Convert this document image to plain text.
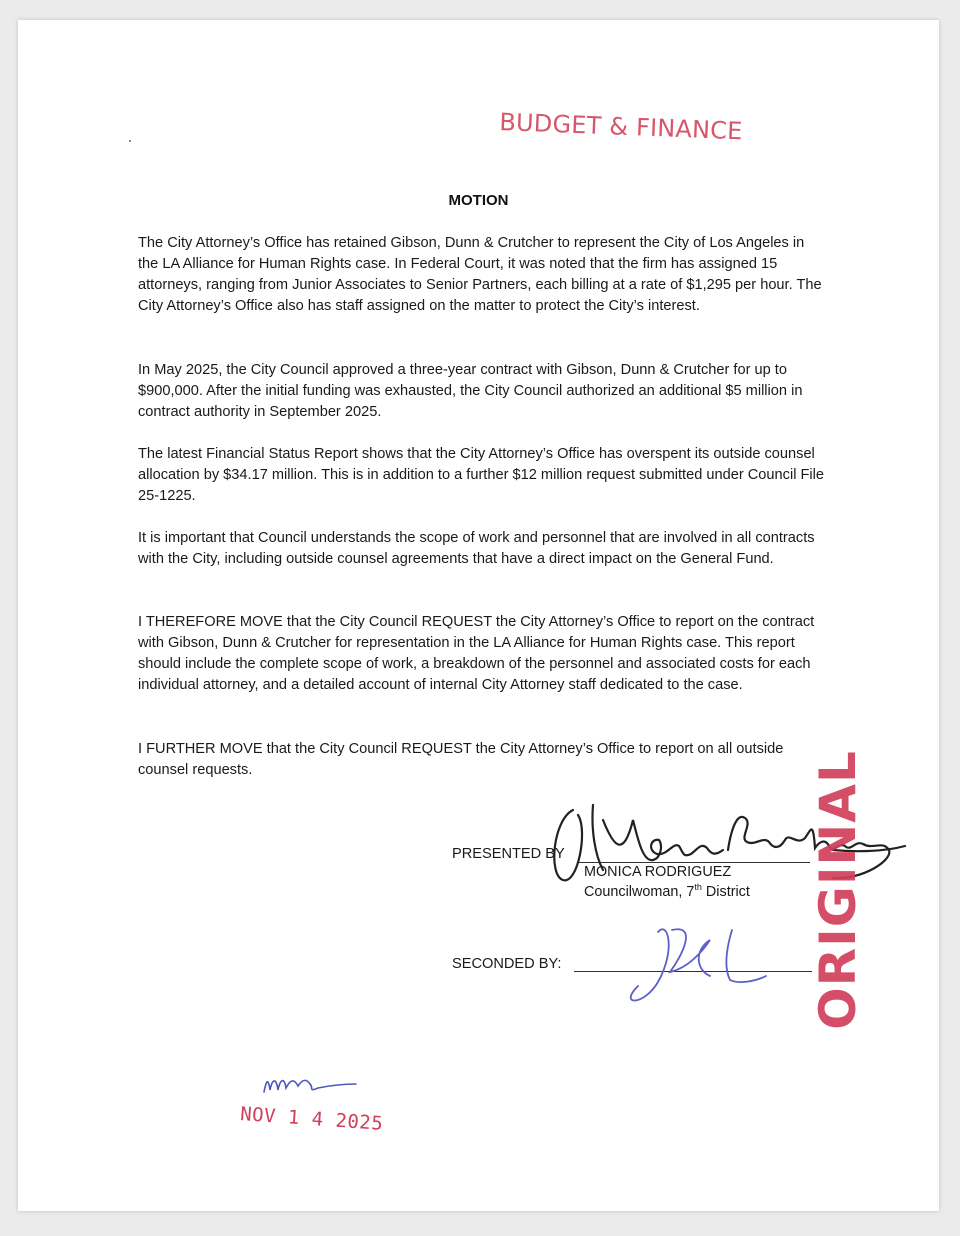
BUDGET & FINANCE
MOTION

The City Attorney’s Office has retained Gibson, Dunn & Crutcher to represent the City of Los Angeles in the LA Alliance for Human Rights case. In Federal Court, it was noted that the firm has assigned 15 attorneys, ranging from Junior Associates to Senior Partners, each billing at a rate of $1,295 per hour. The City Attorney’s Office also has staff assigned on the matter to protect the City’s interest.

In May 2025, the City Council approved a three-year contract with Gibson, Dunn & Crutcher for up to $900,000. After the initial funding was exhausted, the City Council authorized an additional $5 million in contract authority in September 2025.

The latest Financial Status Report shows that the City Attorney’s Office has overspent its outside counsel allocation by $34.17 million. This is in addition to a further $12 million request submitted under Council File 25-1225.

It is important that Council understands the scope of work and personnel that are involved in all contracts with the City, including outside counsel agreements that have a direct impact on the General Fund.

I THEREFORE MOVE that the City Council REQUEST the City Attorney’s Office to report on the contract with Gibson, Dunn & Crutcher for representation in the LA Alliance for Human Rights case. This report should include the complete scope of work, a breakdown of the personnel and associated costs for each individual attorney, and a detailed account of internal City Attorney staff dedicated to the case.

I FURTHER MOVE that the City Council REQUEST the City Attorney’s Office to report on all outside counsel requests.

PRESENTED BY
MONICA RODRIGUEZ
Councilwoman, 7th District
SECONDED BY:	ORIGINAL
NOV 1 4 2025
